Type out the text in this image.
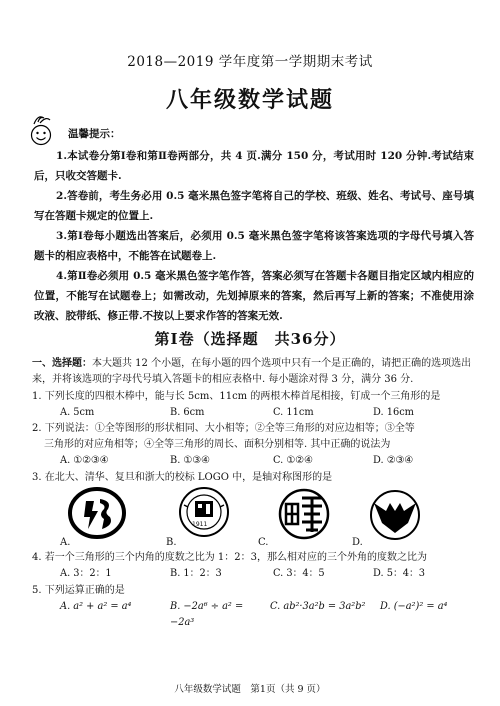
2018—2019 学年度第一学期期末考试
八年级数学试题
温馨提示：

1.本试卷分第Ⅰ卷和第Ⅱ卷两部分，共 4 页.满分 150 分，考试用时 120 分钟.考试结束后，只收交答题卡.

2.答卷前，考生务必用 0.5 毫米黑色签字笔将自己的学校、班级、姓名、考试号、座号填写在答题卡规定的位置上.

3.第Ⅰ卷每小题选出答案后，必须用 0.5 毫米黑色签字笔将该答案选项的字母代号填入答题卡的相应表格中，不能答在试题卷上.

4.第Ⅱ卷必须用 0.5 毫米黑色签字笔作答，答案必须写在答题卡各题目指定区域内相应的位置，不能写在试题卷上；如需改动，先划掉原来的答案，然后再写上新的答案；不准使用涂改液、胶带纸、修正带.不按以上要求作答的答案无效.

第Ⅰ卷（选择题　共36分）

一、选择题：本大题共 12 个小题，在每小题的四个选项中只有一个是正确的，请把正确的选项选出来，并将该选项的字母代号填入答题卡的相应表格中. 每小题涂对得 3 分，满分 36 分.

1. 下列长度的四根木棒中，能与长 5cm、11cm 的两根木棒首尾相接，钉成一个三角形的是

A. 5cm	B. 6cm	C. 11cm	D. 16cm

2. 下列说法：①全等图形的形状相同、大小相等；②全等三角形的对应边相等；③全等

三角形的对应角相等；④全等三角形的周长、面积分别相等. 其中正确的说法为

A. ①②③④	B. ①③④	C. ①②④	D. ②③④

3. 在北大、清华、复旦和浙大的校标 LOGO 中，是轴对称图形的是

1911
A.	B.	C.	D.

4. 若一个三角形的三个内角的度数之比为 1：2：3，那么相对应的三个外角的度数之比为

A. 3：2：1	B. 1：2：3	C. 3：4：5	D. 5：4：3

5. 下列运算正确的是

A. a² + a² = a⁴	B. −2a⁶ ÷ a² = −2a³
C. ab²·3a²b = 3a²b²	D. (−a²)² = a⁴
八年级数学试题　第1页（共 9 页）
